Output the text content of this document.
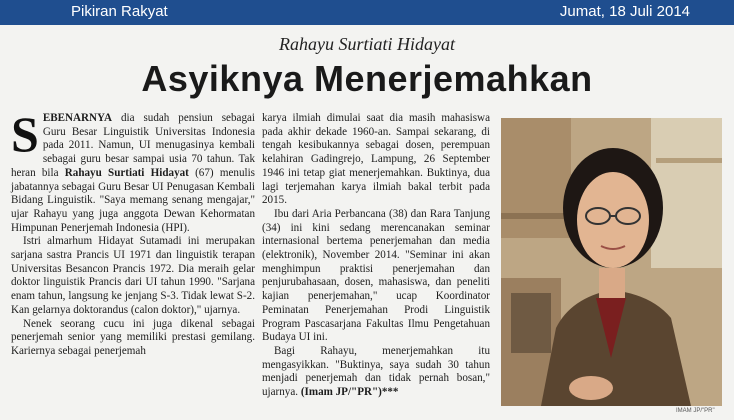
Pikiran Rakyat	Jumat, 18 Juli 2014
Rahayu Surtiati Hidayat
Asyiknya Menerjemahkan

SEBENARNYA dia sudah pensiun sebagai Guru Besar Linguistik Universitas Indonesia pada 2011. Namun, UI menugasinya kembali sebagai guru besar sampai usia 70 tahun. Tak heran bila Rahayu Surtiati Hidayat (67) menulis jabatannya sebagai Guru Besar UI Penugasan Kembali Bidang Linguistik. "Saya memang senang mengajar," ujar Rahayu yang juga anggota Dewan Kehormatan Himpunan Penerjemah Indonesia (HPI).

Istri almarhum Hidayat Sutamadi ini merupakan sarjana sastra Prancis UI 1971 dan linguistik terapan Universitas Besancon Prancis 1972. Dia meraih gelar doktor linguistik Prancis dari UI tahun 1990. "Sarjana enam tahun, langsung ke jenjang S-3. Tidak lewat S-2. Kan gelarnya doktorandus (calon doktor)," ujarnya.

Nenek seorang cucu ini juga dikenal sebagai penerjemah senior yang memiliki prestasi gemilang. Kariernya sebagai penerjemah

karya ilmiah dimulai saat dia masih mahasiswa pada akhir dekade 1960-an. Sampai sekarang, di tengah kesibukannya sebagai dosen, perempuan kelahiran Gadingrejo, Lampung, 26 September 1946 ini tetap giat menerjemahkan. Buktinya, dua lagi terjemahan karya ilmiah bakal terbit pada 2015.

Ibu dari Aria Perbancana (38) dan Rara Tanjung (34) ini kini sedang merencanakan seminar internasional bertema penerjemahan dan media (elektronik), November 2014. "Seminar ini akan menghimpun praktisi penerjemahan dan penjurubahasaan, dosen, mahasiswa, dan peneliti kajian penerjemahan," ucap Koordinator Peminatan Penerjemahan Prodi Linguistik Program Pascasarjana Fakultas Ilmu Pengetahuan Budaya UI ini.

Bagi Rahayu, menerjemahkan itu mengasyikkan. "Buktinya, saya sudah 30 tahun menjadi penerjemah dan tidak pernah bosan," ujarnya. (Imam JP/"PR")***

IMAM JP/"PR"
